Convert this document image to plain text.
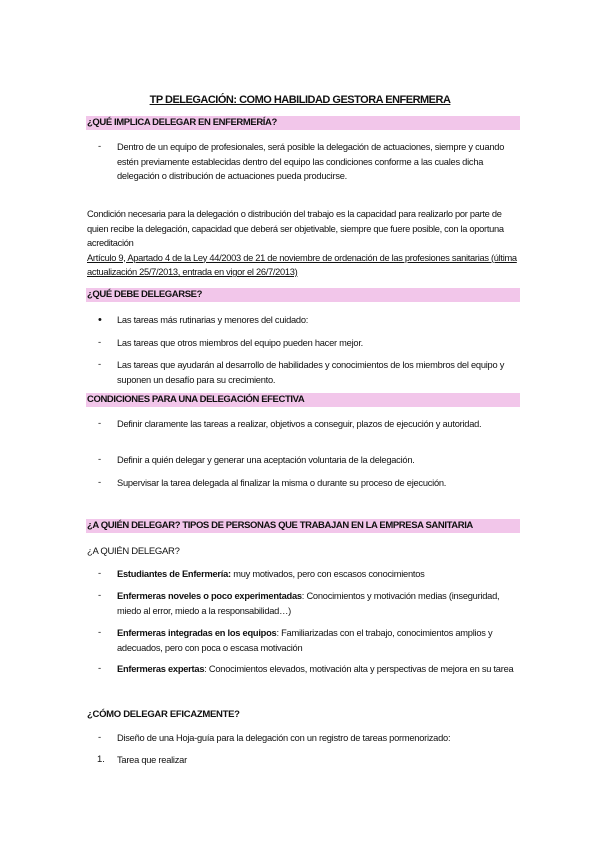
TP DELEGACIÓN: COMO HABILIDAD GESTORA ENFERMERA
¿QUÉ IMPLICA DELEGAR EN ENFERMERÍA?
- Dentro de un equipo de profesionales, será posible la delegación de actuaciones, siempre y cuando estén previamente establecidas dentro del equipo las condiciones conforme a las cuales dicha delegación o distribución de actuaciones pueda producirse.
Condición necesaria para la delegación o distribución del trabajo es la capacidad para realizarlo por parte de quien recibe la delegación, capacidad que deberá ser objetivable, siempre que fuere posible, con la oportuna acreditación
Artículo 9, Apartado 4 de la Ley 44/2003 de 21 de noviembre de ordenación de las profesiones sanitarias (última actualización 25/7/2013, entrada en vigor el 26/7/2013)
¿QUÉ DEBE DELEGARSE?
• Las tareas más rutinarias y menores del cuidado:
- Las tareas que otros miembros del equipo pueden hacer mejor.
- Las tareas que ayudarán al desarrollo de habilidades y conocimientos de los miembros del equipo y suponen un desafío para su crecimiento.
CONDICIONES PARA UNA DELEGACIÓN EFECTIVA
- Definir claramente las tareas a realizar, objetivos a conseguir, plazos de ejecución y autoridad.
- Definir a quién delegar y generar una aceptación voluntaria de la delegación.
- Supervisar la tarea delegada al finalizar la misma o durante su proceso de ejecución.
¿A QUIÉN DELEGAR? TIPOS DE PERSONAS QUE TRABAJAN EN LA EMPRESA SANITARIA
¿A QUIÉN DELEGAR?
- Estudiantes de Enfermería: muy motivados, pero con escasos conocimientos
- Enfermeras noveles o poco experimentadas: Conocimientos y motivación medias (inseguridad, miedo al error, miedo a la responsabilidad…)
- Enfermeras integradas en los equipos: Familiarizadas con el trabajo, conocimientos amplios y adecuados, pero con poca o escasa motivación
- Enfermeras expertas: Conocimientos elevados, motivación alta y perspectivas de mejora en su tarea
¿CÓMO DELEGAR EFICAZMENTE?
- Diseño de una Hoja-guía para la delegación con un registro de tareas pormenorizado:
1. Tarea que realizar
